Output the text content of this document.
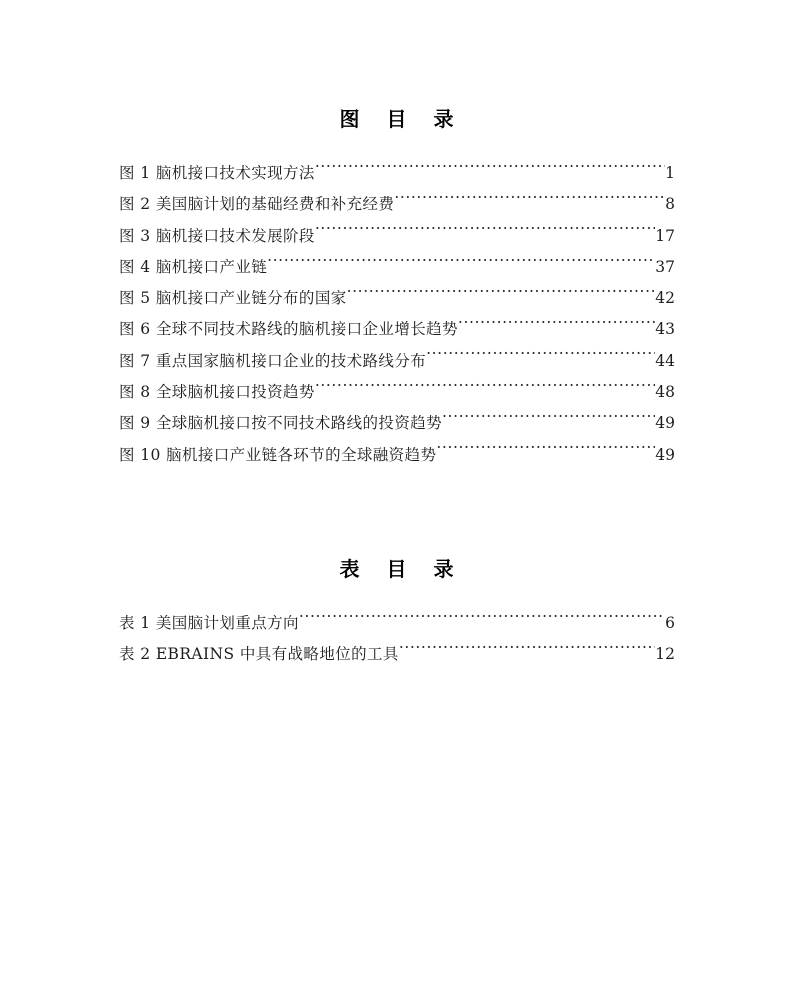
图 目 录
图 1 脑机接口技术实现方法 .....	1
图 2 美国脑计划的基础经费和补充经费 .....	8
图 3 脑机接口技术发展阶段 .....	17
图 4 脑机接口产业链 .....	37
图 5 脑机接口产业链分布的国家 .....	42
图 6 全球不同技术路线的脑机接口企业增长趋势 .....	43
图 7 重点国家脑机接口企业的技术路线分布 .....	44
图 8 全球脑机接口投资趋势 .....	48
图 9 全球脑机接口按不同技术路线的投资趋势 .....	49
图 10 脑机接口产业链各环节的全球融资趋势 .....	49
表 目 录
表 1 美国脑计划重点方向 .....	6
表 2 EBRAINS 中具有战略地位的工具 .....	12
